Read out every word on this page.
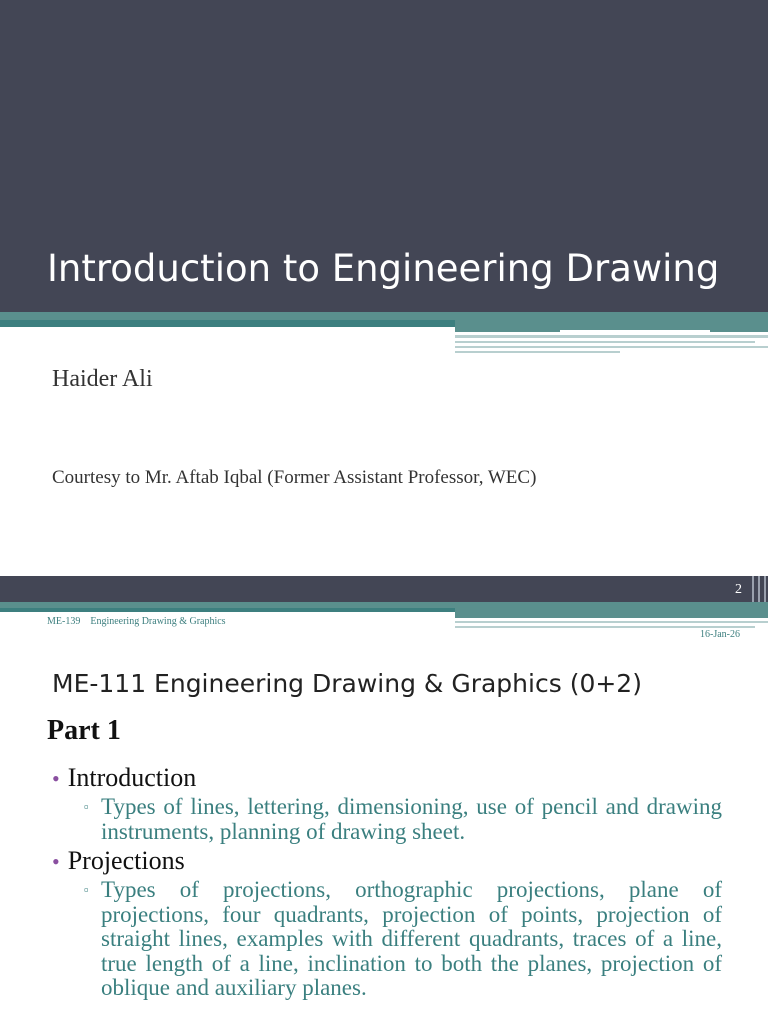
Introduction to Engineering Drawing
Haider Ali
Courtesy to Mr. Aftab Iqbal (Former Assistant Professor, WEC)
2
ME-139    Engineering Drawing & Graphics
16-Jan-26
ME-111 Engineering Drawing & Graphics (0+2)
Part 1
• Introduction
▫ Types of lines, lettering, dimensioning, use of pencil and drawing instruments, planning of drawing sheet.
• Projections
▫ Types of projections, orthographic projections, plane of projections, four quadrants, projection of points, projection of straight lines, examples with different quadrants, traces of a line, true length of a line, inclination to both the planes, projection of oblique and auxiliary planes.
